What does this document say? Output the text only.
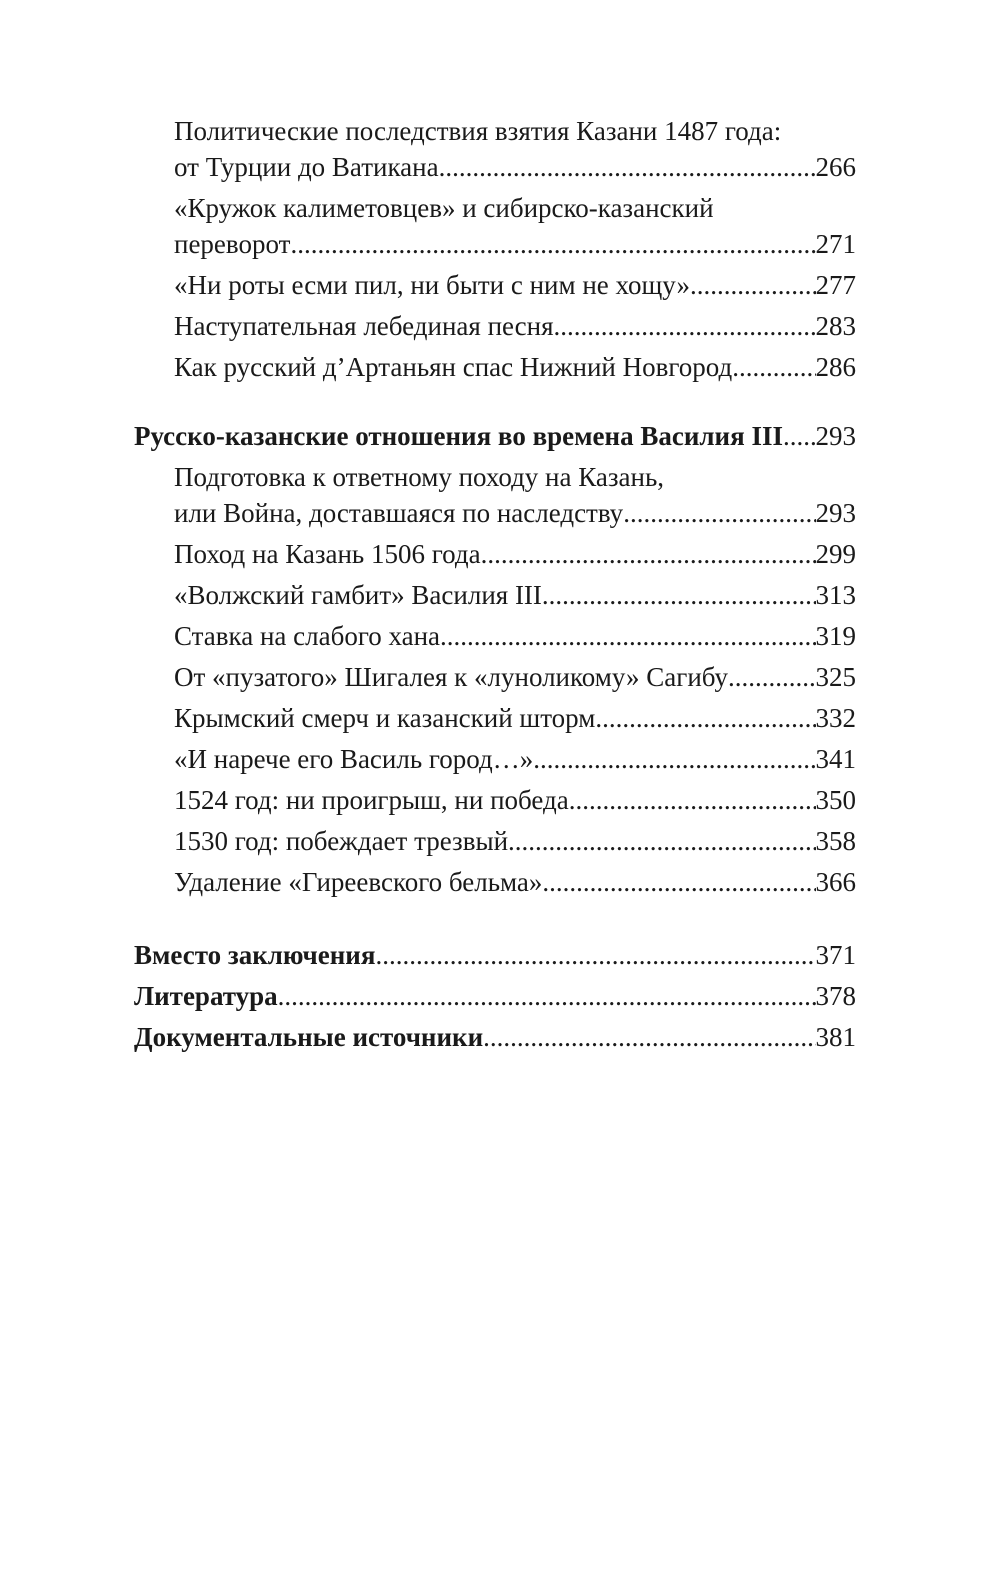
Политические последствия взятия Казани 1487 года:
от Турции до Ватикана .....	266
«Кружок калиметовцев» и сибирско-казанский
переворот .....	271
«Ни роты есми пил, ни быти с ним не хощу» .....	277
Наступательная лебединая песня .....	283
Как русский д’Артаньян спас Нижний Новгород .....	286
Русско-казанские отношения во времена Василия III ..... 293
Подготовка к ответному походу на Казань,
или Война, доставшаяся по наследству .....	293
Поход на Казань 1506 года .....	299
«Волжский гамбит» Василия III .....	313
Ставка на слабого хана .....	319
От «пузатого» Шигалея к «луноликому» Сагибу .....	325
Крымский смерч и казанский шторм .....	332
«И нарече его Василь город…» .....	341
1524 год: ни проигрыш, ни победа .....	350
1530 год: побеждает трезвый .....	358
Удаление «Гиреевского бельма» .....	366
Вместо заключения .....	371
Литература .....	378
Документальные источники .....	381
